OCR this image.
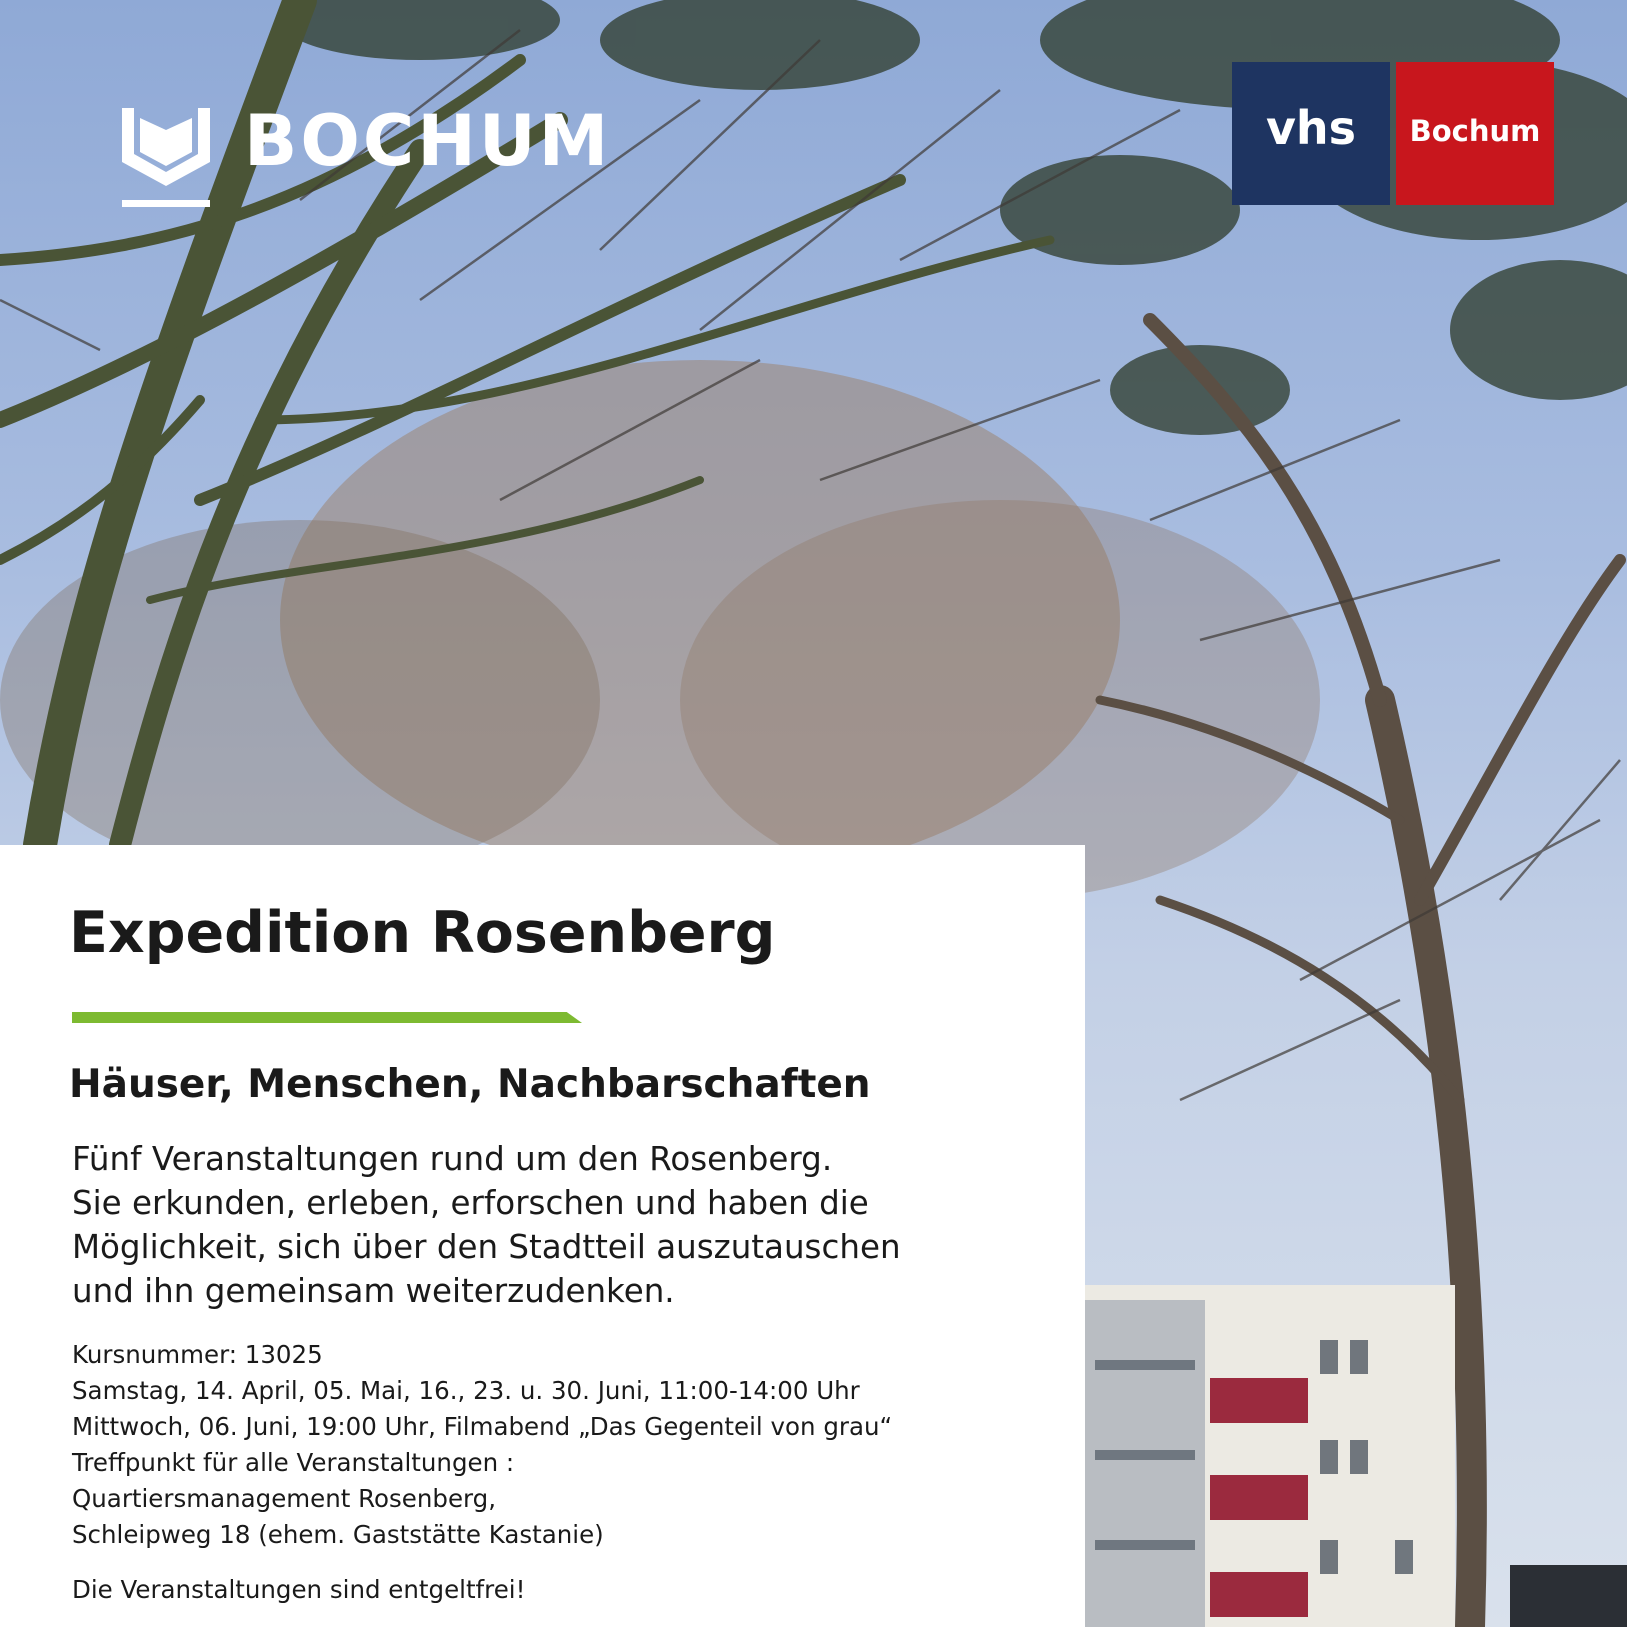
BOCHUM	vhs	Bochum
Expedition Rosenberg
Häuser, Menschen, Nachbarschaften
Fünf Veranstaltungen rund um den Rosenberg.
Sie erkunden, erleben, erforschen und haben die
Möglichkeit, sich über den Stadtteil auszutauschen
und ihn gemeinsam weiterzudenken.
Kursnummer: 13025
Samstag, 14. April, 05. Mai, 16., 23. u. 30. Juni, 11:00-14:00 Uhr
Mittwoch, 06. Juni, 19:00 Uhr, Filmabend „Das Gegenteil von grau“
Treffpunkt für alle Veranstaltungen :
Quartiersmanagement Rosenberg,
Schleipweg 18 (ehem. Gaststätte Kastanie)
Die Veranstaltungen sind entgeltfrei!
